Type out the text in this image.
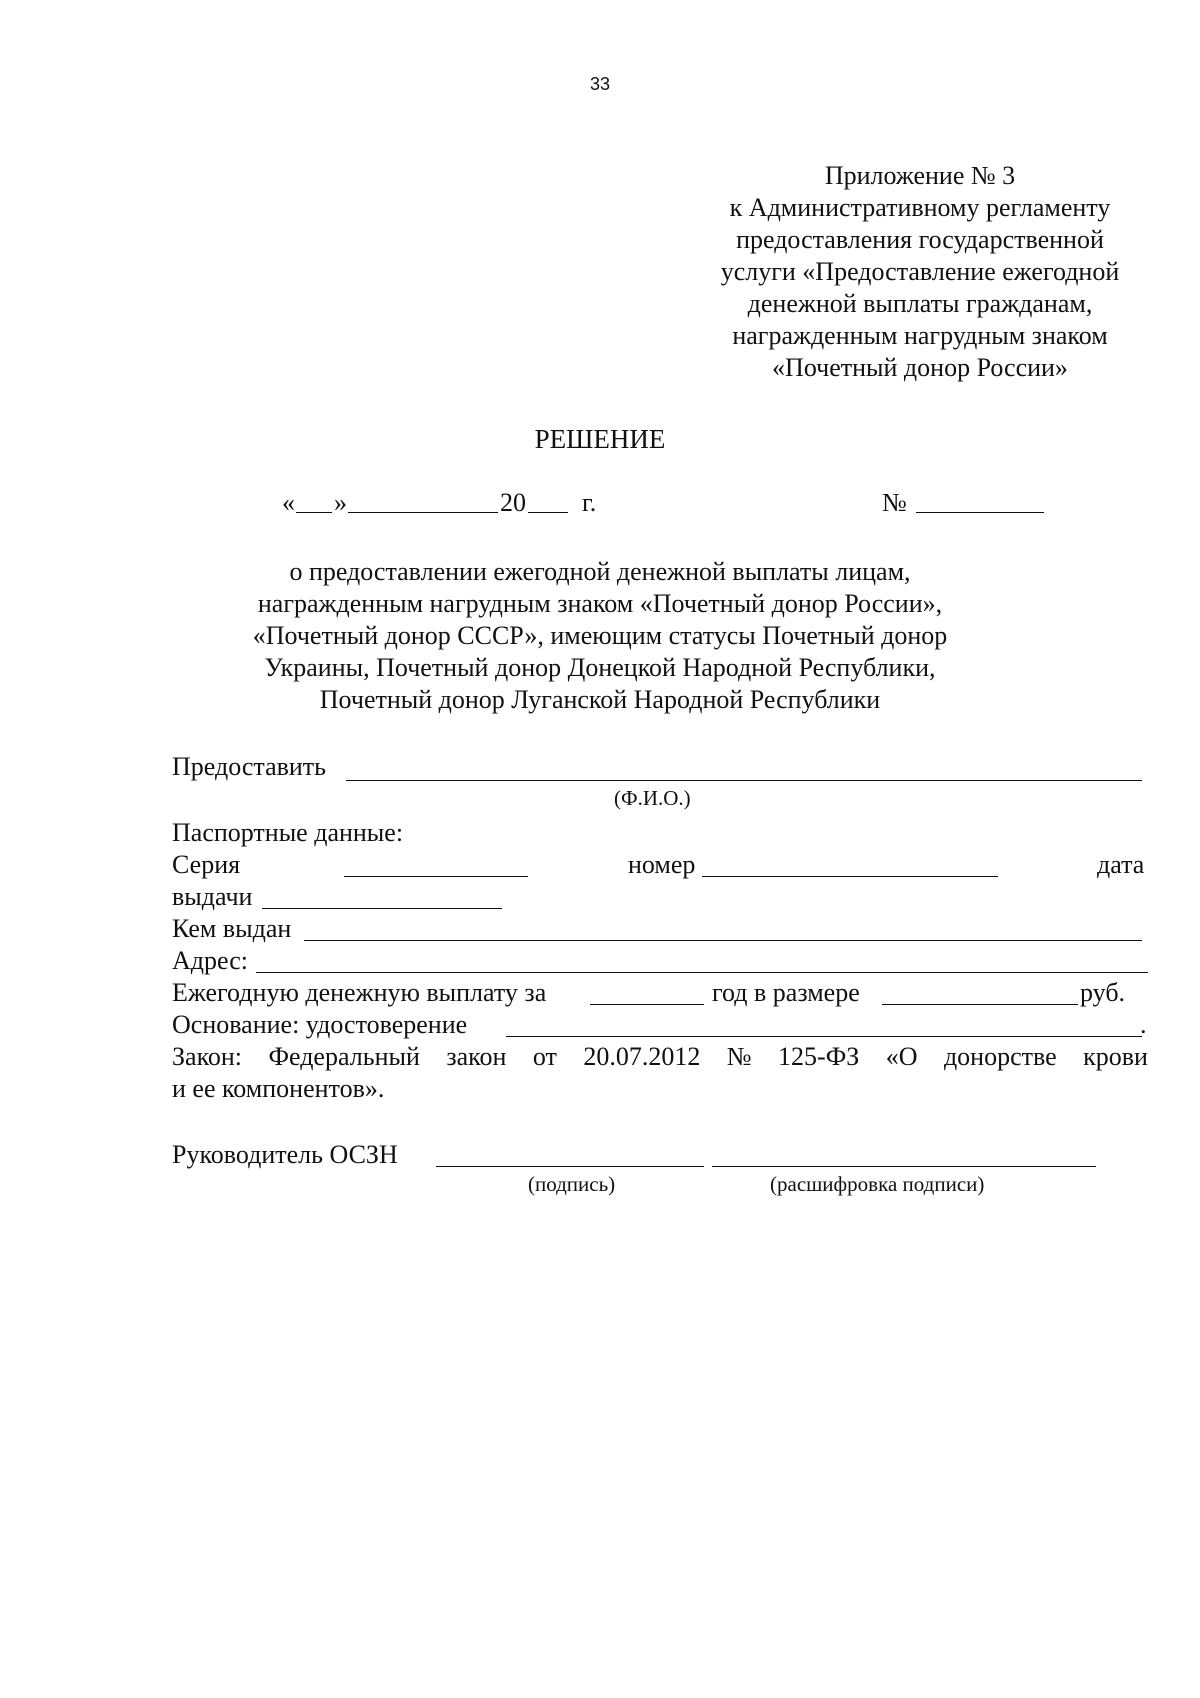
33
Приложение № 3
к Административному регламенту
предоставления государственной
услуги «Предоставление ежегодной
денежной выплаты гражданам,
награжденным нагрудным знаком
«Почетный донор России»
РЕШЕНИЕ
« »	20 г.	№
о предоставлении ежегодной денежной выплаты лицам,
награжденным нагрудным знаком «Почетный донор России»,
«Почетный донор СССР», имеющим статусы Почетный донор
Украины, Почетный донор Донецкой Народной Республики,
Почетный донор Луганской Народной Республики
Предоставить
(Ф.И.О.)
Паспортные данные:
Серия	номер	дата
выдачи
Кем выдан
Адрес:
Ежегодную денежную выплату за	год в размере	руб.
Основание: удостоверение	.
Закон: Федеральный закон от 20.07.2012 № 125-ФЗ «О донорстве крови
и ее компонентов».
Руководитель ОСЗН
(подпись)	(расшифровка подписи)
